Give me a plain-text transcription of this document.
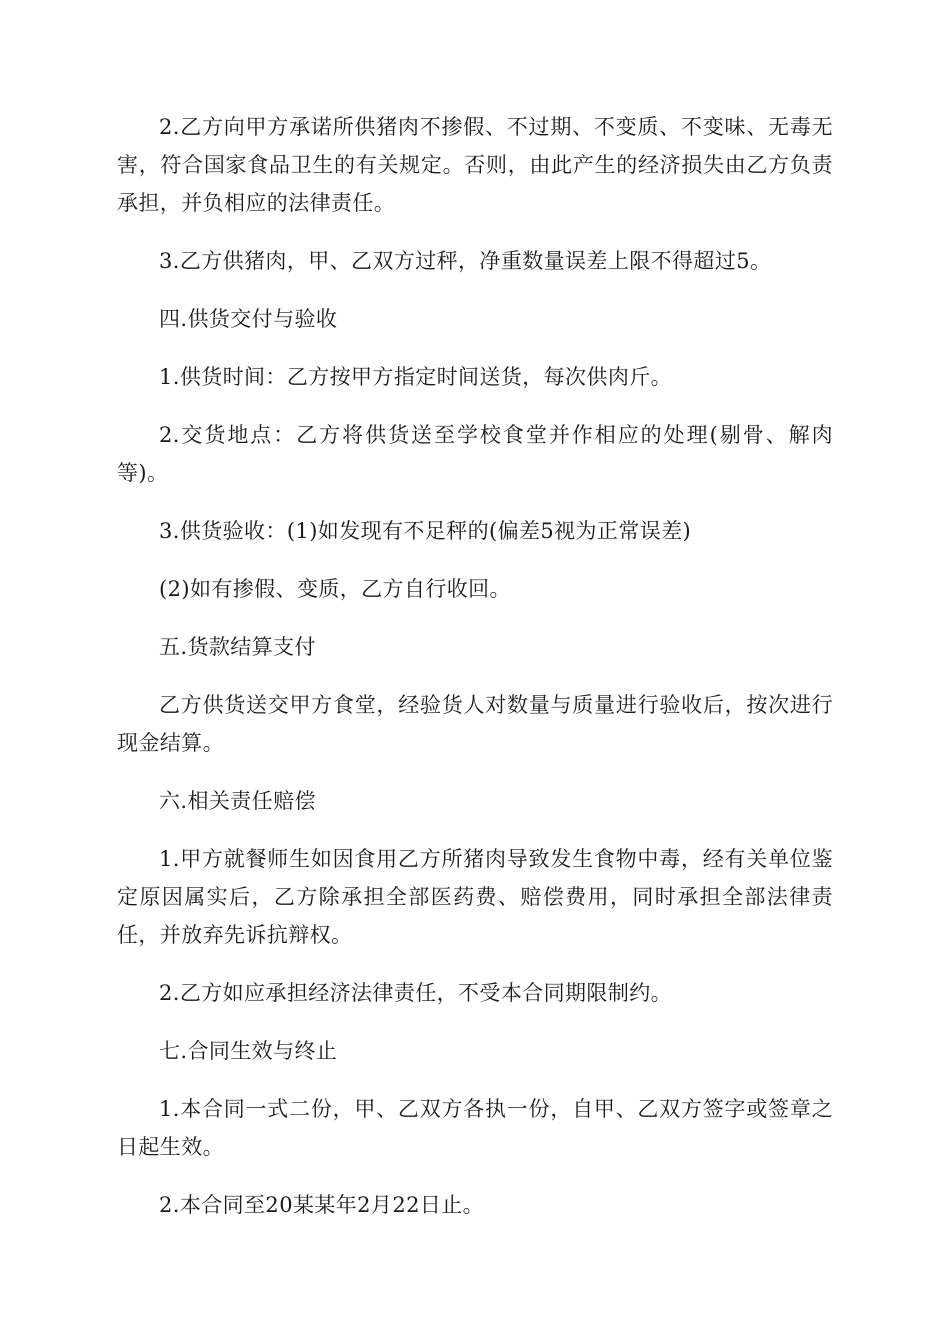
2.乙方向甲方承诺所供猪肉不掺假、不过期、不变质、不变味、无毒无害，符合国家食品卫生的有关规定。否则，由此产生的经济损失由乙方负责承担，并负相应的法律责任。

3.乙方供猪肉，甲、乙双方过秤，净重数量误差上限不得超过5。

四.供货交付与验收

1.供货时间：乙方按甲方指定时间送货，每次供肉斤。

2.交货地点：乙方将供货送至学校食堂并作相应的处理(剔骨、解肉等)。

3.供货验收：(1)如发现有不足秤的(偏差5视为正常误差)

(2)如有掺假、变质，乙方自行收回。

五.货款结算支付

乙方供货送交甲方食堂，经验货人对数量与质量进行验收后，按次进行现金结算。

六.相关责任赔偿

1.甲方就餐师生如因食用乙方所猪肉导致发生食物中毒，经有关单位鉴定原因属实后，乙方除承担全部医药费、赔偿费用，同时承担全部法律责任，并放弃先诉抗辩权。

2.乙方如应承担经济法律责任，不受本合同期限制约。

七.合同生效与终止

1.本合同一式二份，甲、乙双方各执一份，自甲、乙双方签字或签章之日起生效。

2.本合同至20某某年2月22日止。
